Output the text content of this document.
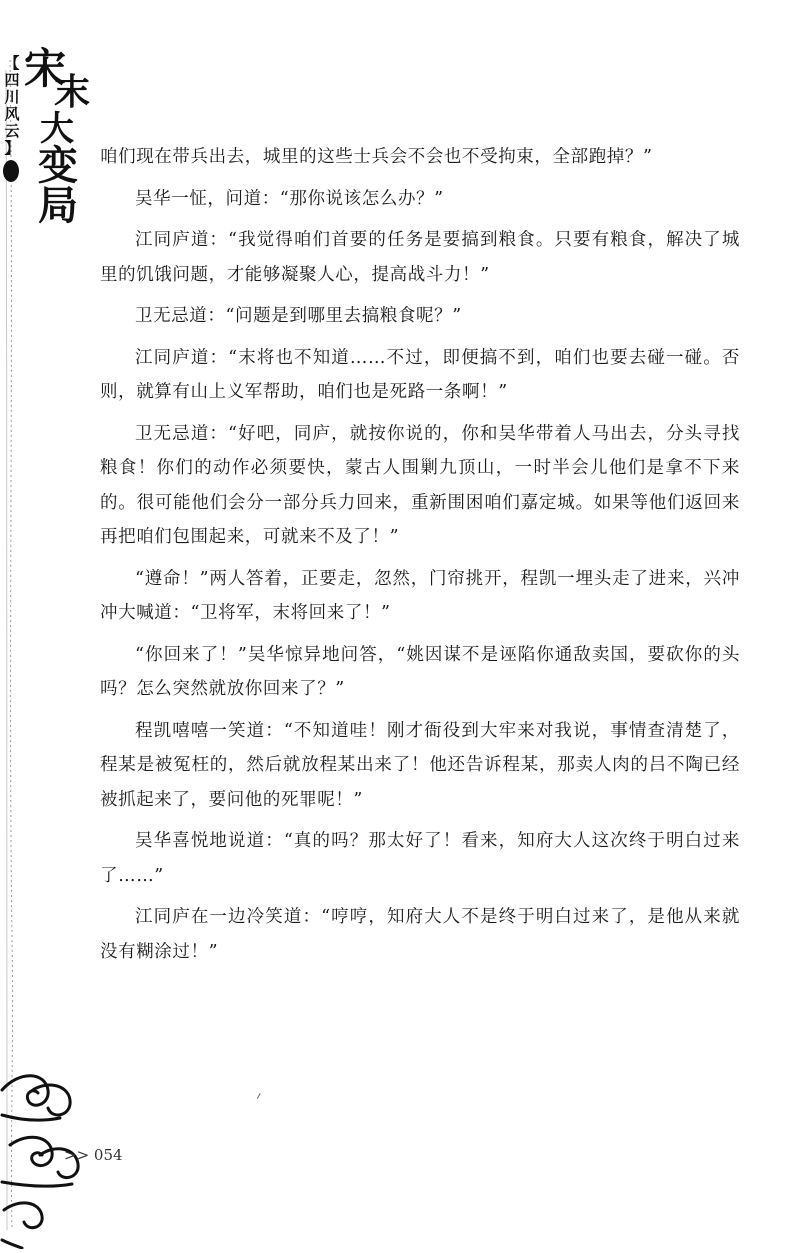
【
四
川
风
云
】
宋
末
大
变局

咱们现在带兵出去，城里的这些士兵会不会也不受拘束，全部跑掉？”

吴华一怔，问道：“那你说该怎么办？”

江同庐道：“我觉得咱们首要的任务是要搞到粮食。只要有粮食，解决了城里的饥饿问题，才能够凝聚人心，提高战斗力！”

卫无忌道：“问题是到哪里去搞粮食呢？”

江同庐道：“末将也不知道……不过，即便搞不到，咱们也要去碰一碰。否则，就算有山上义军帮助，咱们也是死路一条啊！”

卫无忌道：“好吧，同庐，就按你说的，你和吴华带着人马出去，分头寻找粮食！你们的动作必须要快，蒙古人围剿九顶山，一时半会儿他们是拿不下来的。很可能他们会分一部分兵力回来，重新围困咱们嘉定城。如果等他们返回来再把咱们包围起来，可就来不及了！”

“遵命！”两人答着，正要走，忽然，门帘挑开，程凯一埋头走了进来，兴冲冲大喊道：“卫将军，末将回来了！”

“你回来了！”吴华惊异地问答，“姚因谋不是诬陷你通敌卖国，要砍你的头吗？怎么突然就放你回来了？”

程凯嘻嘻一笑道：“不知道哇！刚才衙役到大牢来对我说，事情查清楚了，程某是被冤枉的，然后就放程某出来了！他还告诉程某，那卖人肉的吕不陶已经被抓起来了，要问他的死罪呢！”

吴华喜悦地说道：“真的吗？那太好了！看来，知府大人这次终于明白过来了……”

江同庐在一边冷笑道：“哼哼，知府大人不是终于明白过来了，是他从来就没有糊涂过！”

>> 054
